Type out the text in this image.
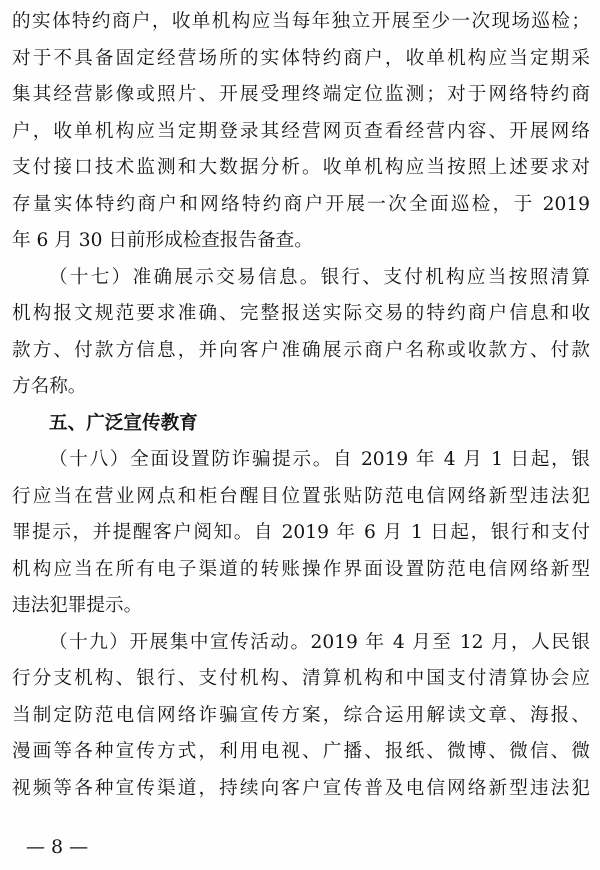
的实体特约商户，收单机构应当每年独立开展至少一次现场巡检；
对于不具备固定经营场所的实体特约商户，收单机构应当定期采
集其经营影像或照片、开展受理终端定位监测；对于网络特约商
户，收单机构应当定期登录其经营网页查看经营内容、开展网络
支付接口技术监测和大数据分析。收单机构应当按照上述要求对
存量实体特约商户和网络特约商户开展一次全面巡检，于 2019
年 6 月 30 日前形成检查报告备查。
（十七）准确展示交易信息。银行、支付机构应当按照清算
机构报文规范要求准确、完整报送实际交易的特约商户信息和收
款方、付款方信息，并向客户准确展示商户名称或收款方、付款
方名称。
五、广泛宣传教育
（十八）全面设置防诈骗提示。自 2019 年 4 月 1 日起，银
行应当在营业网点和柜台醒目位置张贴防范电信网络新型违法犯
罪提示，并提醒客户阅知。自 2019 年 6 月 1 日起，银行和支付
机构应当在所有电子渠道的转账操作界面设置防范电信网络新型
违法犯罪提示。
（十九）开展集中宣传活动。2019 年 4 月至 12 月，人民银
行分支机构、银行、支付机构、清算机构和中国支付清算协会应
当制定防范电信网络诈骗宣传方案，综合运用解读文章、海报、
漫画等各种宣传方式，利用电视、广播、报纸、微博、微信、微
视频等各种宣传渠道，持续向客户宣传普及电信网络新型违法犯
— 8 —
